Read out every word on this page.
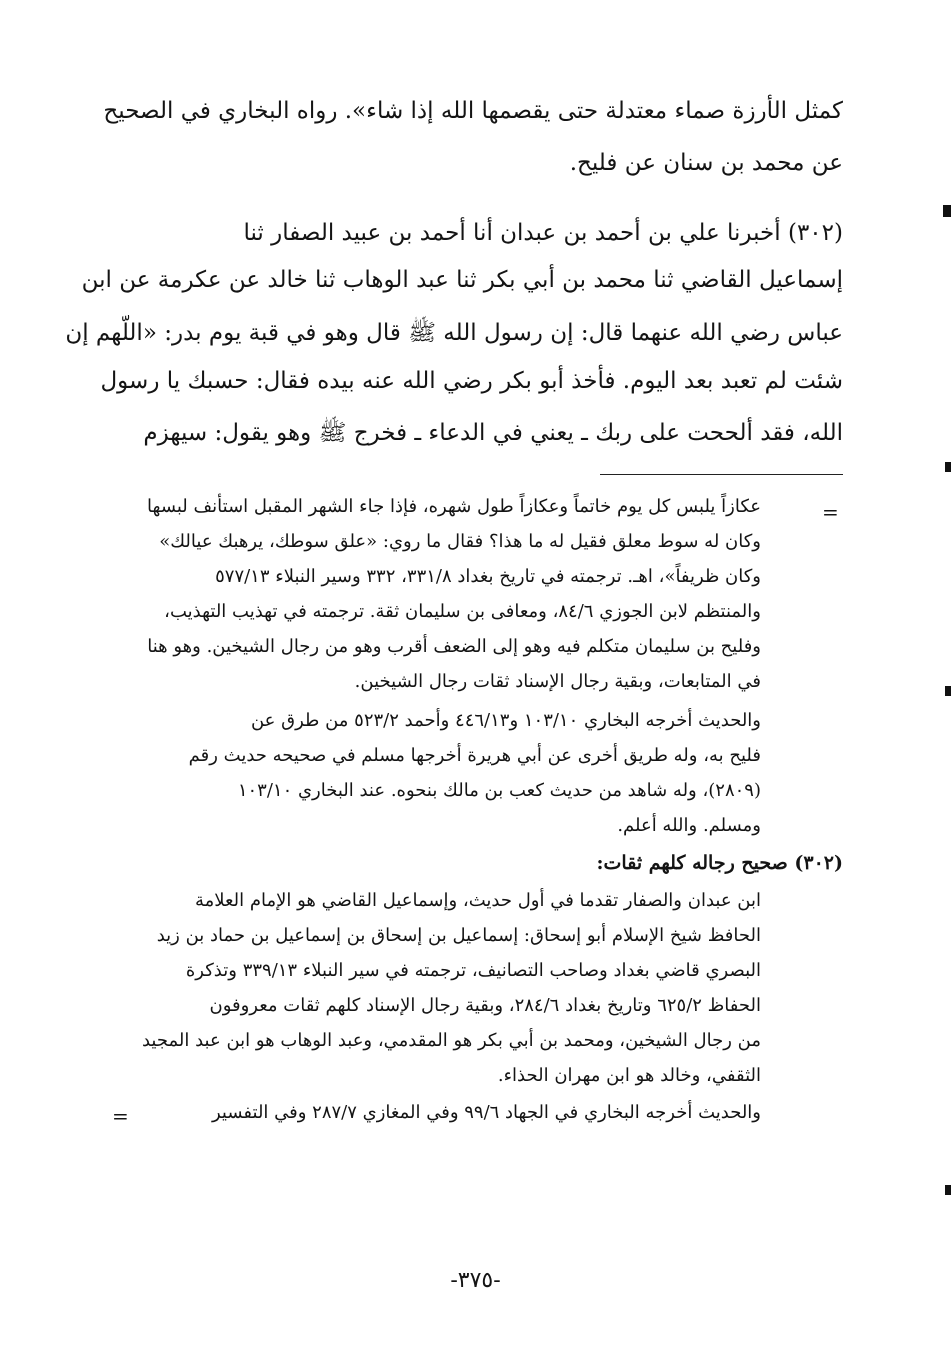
كمثل الأرزة صماء معتدلة حتى يقصمها الله إذا شاء». رواه البخاري في الصحيح
عن محمد بن سنان عن فليح.
(٣٠٢) أخبرنا علي بن أحمد بن عبدان أنا أحمد بن عبيد الصفار ثنا
إسماعيل القاضي ثنا محمد بن أبي بكر ثنا عبد الوهاب ثنا خالد عن عكرمة عن ابن
عباس رضي الله عنهما قال: إن رسول الله ﷺ قال وهو في قبة يوم بدر: «اللّهم إن
شئت لم تعبد بعد اليوم. فأخذ أبو بكر رضي الله عنه بيده فقال: حسبك يا رسول
الله، فقد ألححت على ربك ـ يعني في الدعاء ـ فخرج ﷺ وهو يقول: سيهزم
=
عكازاً يلبس كل يوم خاتماً وعكازاً طول شهره، فإذا جاء الشهر المقبل استأنف لبسها
وكان له سوط معلق فقيل له ما هذا؟ فقال ما روي: «علق سوطك، يرهبك عيالك»
وكان ظريفاً»، اهـ. ترجمته في تاريخ بغداد ٣٣١/٨، ٣٣٢ وسير النبلاء ٥٧٧/١٣
والمنتظم لابن الجوزي ٨٤/٦، ومعافى بن سليمان ثقة. ترجمته في تهذيب التهذيب،
وفليح بن سليمان متكلم فيه وهو إلى الضعف أقرب وهو من رجال الشيخين. وهو هنا
في المتابعات، وبقية رجال الإسناد ثقات رجال الشيخين.
والحديث أخرجه البخاري ١٠٣/١٠ و٤٤٦/١٣ وأحمد ٥٢٣/٢ من طرق عن
فليح به، وله طريق أخرى عن أبي هريرة أخرجها مسلم في صحيحه حديث رقم
(٢٨٠٩)، وله شاهد من حديث كعب بن مالك بنحوه. عند البخاري ١٠٣/١٠
ومسلم. والله أعلم.
(٣٠٢) صحيح رجاله كلهم ثقات:
ابن عبدان والصفار تقدما في أول حديث، وإسماعيل القاضي هو الإمام العلامة
الحافظ شيخ الإسلام أبو إسحاق: إسماعيل بن إسحاق بن إسماعيل بن حماد بن زيد
البصري قاضي بغداد وصاحب التصانيف، ترجمته في سير النبلاء ٣٣٩/١٣ وتذكرة
الحفاظ ٦٢٥/٢ وتاريخ بغداد ٢٨٤/٦، وبقية رجال الإسناد كلهم ثقات معروفون
من رجال الشيخين، ومحمد بن أبي بكر هو المقدمي، وعبد الوهاب هو ابن عبد المجيد
الثقفي، وخالد هو ابن مهران الحذاء.
والحديث أخرجه البخاري في الجهاد ٩٩/٦ وفي المغازي ٢٨٧/٧ وفي التفسير
=
-٣٧٥-
